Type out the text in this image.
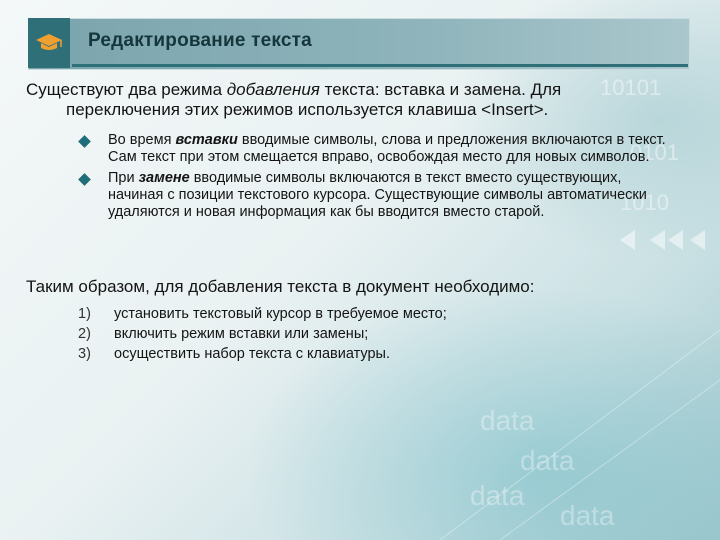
10101
0101
1010
data
data
data
data
Редактирование текста
Существуют два режима добавления текста: вставка и замена. Для
переключения этих режимов используется клавиша <Insert>.
Во время вставки вводимые символы, слова и предложения включаются в текст. Сам текст при этом смещается вправо, освобождая место для новых символов.
При замене вводимые символы включаются в текст вместо существующих, начиная с позиции текстового курсора. Существующие символы автоматически удаляются и новая информация как бы вводится вместо старой.
Таким образом, для добавления текста в документ необходимо:
1) установить текстовый курсор в требуемое место;
2) включить режим вставки или замены;
3) осуществить набор текста с клавиатуры.
